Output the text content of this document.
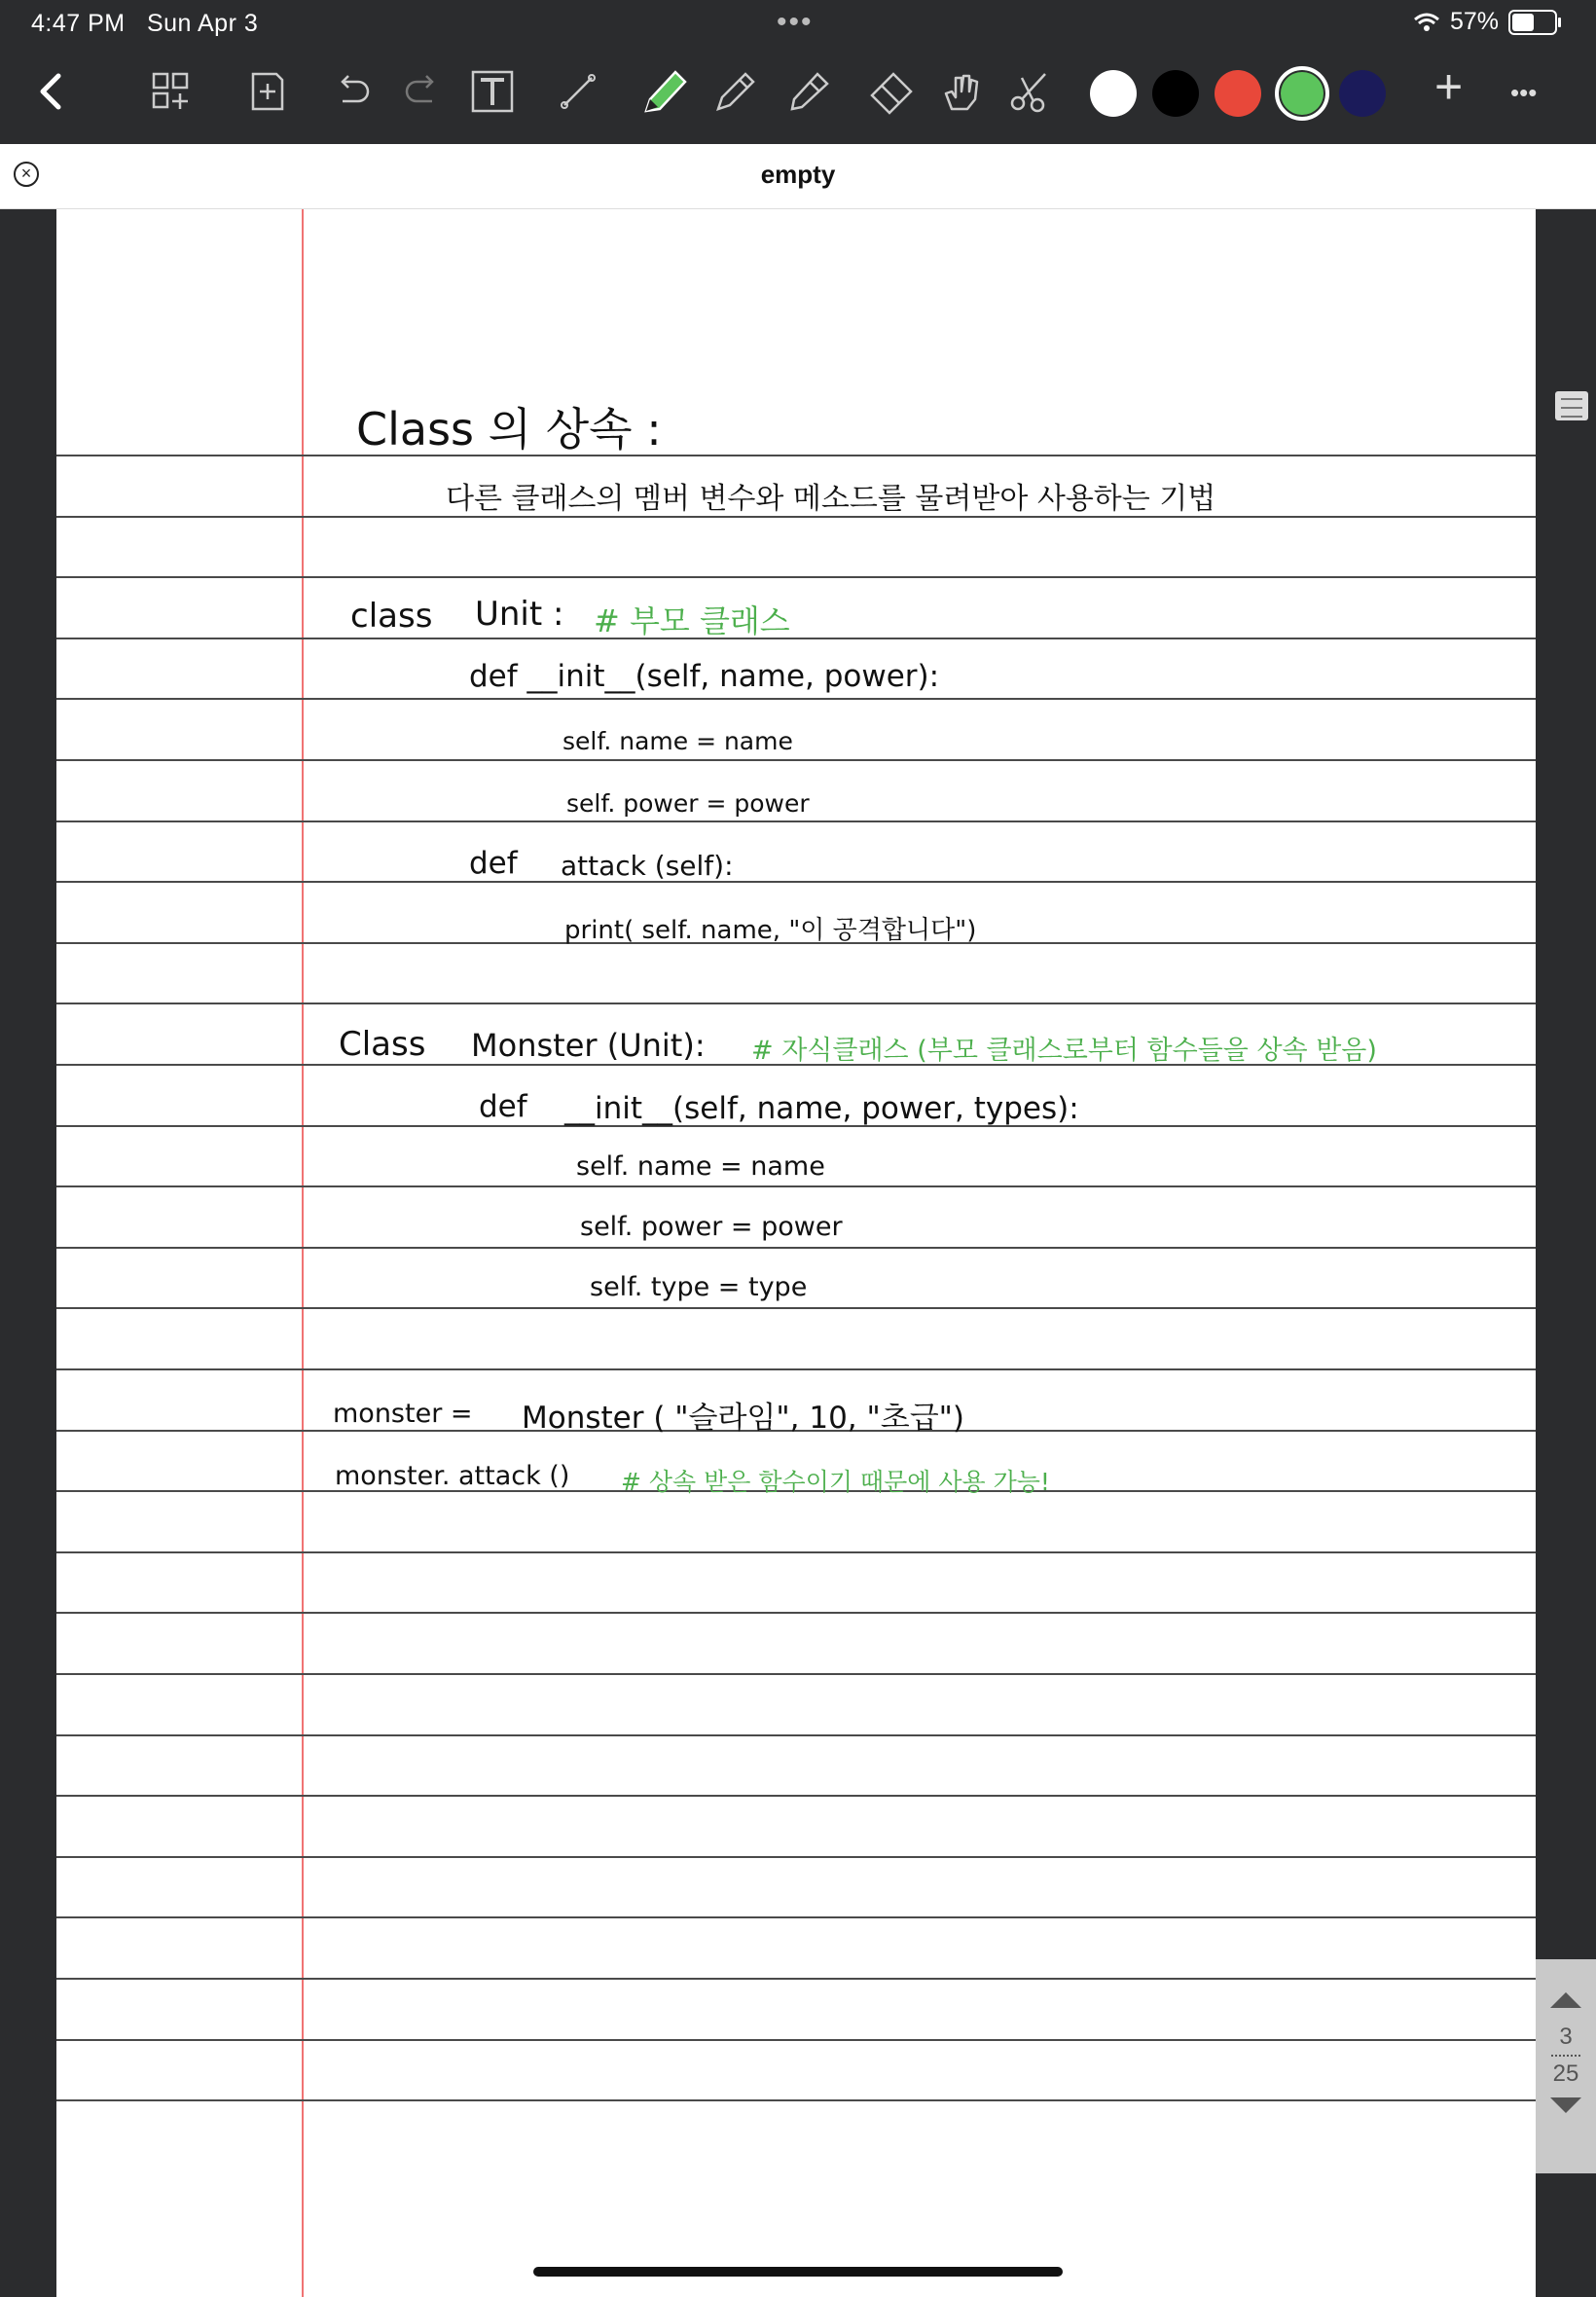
4:47 PM Sun Apr 3	•••	57%
+ •••
×	empty
Class 의 상속 :
다른 클래스의 멤버 변수와 메소드를 물려받아 사용하는 기법
class Unit : # 부모 클래스
def __init__(self, name, power):
self. name = name
self. power = power
def attack (self):
print( self. name, "이 공격합니다")
Class Monster (Unit): # 자식클래스 (부모 클래스로부터 함수들을 상속 받음)
def __init__(self, name, power, types):
self. name = name
self. power = power
self. type = type
monster = Monster ( "슬라임", 10, "초급")
monster. attack () # 상속 받은 함수이기 때문에 사용 가능!
3
25
